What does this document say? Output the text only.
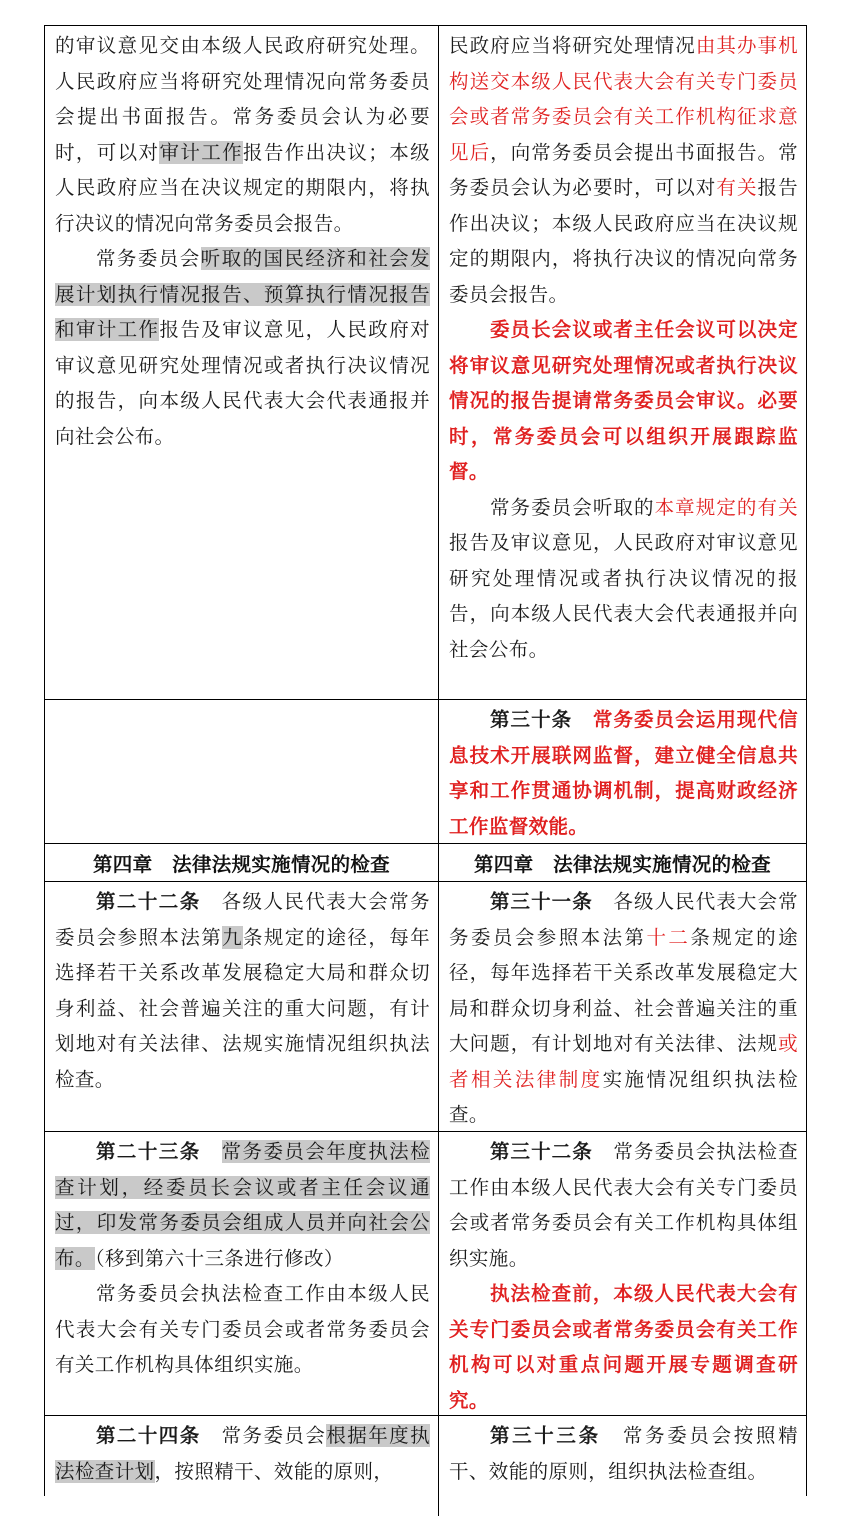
的审议意见交由本级人民政府研究处理。人民政府应当将研究处理情况向常务委员会提出书面报告。常务委员会认为必要时，可以对审计工作报告作出决议；本级人民政府应当在决议规定的期限内，将执行决议的情况向常务委员会报告。

常务委员会听取的国民经济和社会发展计划执行情况报告、预算执行情况报告和审计工作报告及审议意见，人民政府对审议意见研究处理情况或者执行决议情况的报告，向本级人民代表大会代表通报并向社会公布。

民政府应当将研究处理情况由其办事机构送交本级人民代表大会有关专门委员会或者常务委员会有关工作机构征求意见后，向常务委员会提出书面报告。常务委员会认为必要时，可以对有关报告作出决议；本级人民政府应当在决议规定的期限内，将执行决议的情况向常务委员会报告。

委员长会议或者主任会议可以决定将审议意见研究处理情况或者执行决议情况的报告提请常务委员会审议。必要时，常务委员会可以组织开展跟踪监督。

常务委员会听取的本章规定的有关报告及审议意见，人民政府对审议意见研究处理情况或者执行决议情况的报告，向本级人民代表大会代表通报并向社会公布。

第三十条　 常务委员会运用现代信息技术开展联网监督，建立健全信息共享和工作贯通协调机制，提高财政经济工作监督效能。

第四章　法律法规实施情况的检查	第四章　法律法规实施情况的检查

第二十二条　各级人民代表大会常务委员会参照本法第九条规定的途径，每年选择若干关系改革发展稳定大局和群众切身利益、社会普遍关注的重大问题，有计划地对有关法律、法规实施情况组织执法检查。

第三十一条　各级人民代表大会常务委员会参照本法第十二条规定的途径，每年选择若干关系改革发展稳定大局和群众切身利益、社会普遍关注的重大问题，有计划地对有关法律、法规或者相关法律制度实施情况组织执法检查。

第二十三条　 常务委员会年度执法检查计划，经委员长会议或者主任会议通过，印发常务委员会组成人员并向社会公布。（移到第六十三条进行修改）

常务委员会执法检查工作由本级人民代表大会有关专门委员会或者常务委员会有关工作机构具体组织实施。

第三十二条　常务委员会执法检查工作由本级人民代表大会有关专门委员会或者常务委员会有关工作机构具体组织实施。

执法检查前，本级人民代表大会有关专门委员会或者常务委员会有关工作机构可以对重点问题开展专题调查研究。

第二十四条　常务委员会根据年度执法检查计划，按照精干、效能的原则，

第三十三条　常务委员会按照精干、效能的原则，组织执法检查组。
